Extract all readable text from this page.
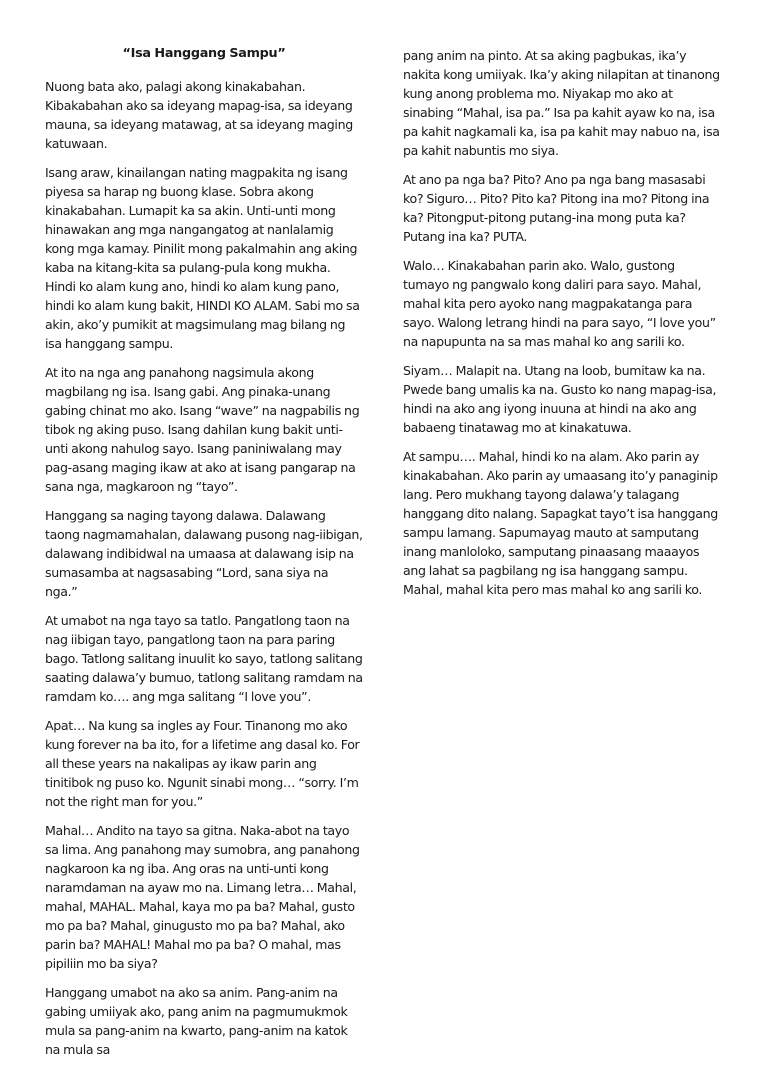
“Isa Hanggang Sampu”

Nuong bata ako, palagi akong kinakabahan. Kibakabahan ako sa ideyang mapag-isa, sa ideyang mauna, sa ideyang matawag, at sa ideyang maging katuwaan.

Isang araw, kinailangan nating magpakita ng isang piyesa sa harap ng buong klase. Sobra akong kinakabahan. Lumapit ka sa akin. Unti-unti mong hinawakan ang mga nangangatog at nanlalamig kong mga kamay. Pinilit mong pakalmahin ang aking kaba na kitang-kita sa pulang-pula kong mukha. Hindi ko alam kung ano, hindi ko alam kung pano, hindi ko alam kung bakit, HINDI KO ALAM. Sabi mo sa akin, ako’y pumikit at magsimulang mag bilang ng isa hanggang sampu.

At ito na nga ang panahong nagsimula akong magbilang ng isa. Isang gabi. Ang pinaka-unang gabing chinat mo ako. Isang “wave” na nagpabilis ng tibok ng aking puso. Isang dahilan kung bakit unti-unti akong nahulog sayo. Isang paniniwalang may pag-asang maging ikaw at ako at isang pangarap na sana nga, magkaroon ng “tayo”.

Hanggang sa naging tayong dalawa. Dalawang taong nagmamahalan, dalawang pusong nag-iibigan, dalawang indibidwal na umaasa at dalawang isip na sumasamba at nagsasabing “Lord, sana siya na nga.”

At umabot na nga tayo sa tatlo. Pangatlong taon na nag iibigan tayo, pangatlong taon na para paring bago. Tatlong salitang inuulit ko sayo, tatlong salitang saating dalawa’y bumuo, tatlong salitang ramdam na ramdam ko…. ang mga salitang “I love you”.

Apat… Na kung sa ingles ay Four. Tinanong mo ako kung forever na ba ito, for a lifetime ang dasal ko. For all these years na nakalipas ay ikaw parin ang tinitibok ng puso ko. Ngunit sinabi mong… “sorry. I’m not the right man for you.”

Mahal… Andito na tayo sa gitna. Naka-abot na tayo sa lima. Ang panahong may sumobra, ang panahong nagkaroon ka ng iba. Ang oras na unti-unti kong naramdaman na ayaw mo na. Limang letra… Mahal, mahal, MAHAL. Mahal, kaya mo pa ba? Mahal, gusto mo pa ba? Mahal, ginugusto mo pa ba? Mahal, ako parin ba? MAHAL! Mahal mo pa ba? O mahal, mas pipiliin mo ba siya?

Hanggang umabot na ako sa anim. Pang-anim na gabing umiiyak ako, pang anim na pagmumukmok mula sa pang-anim na kwarto, pang-anim na katok na mula sa

pang anim na pinto. At sa aking pagbukas, ika’y nakita kong umiiyak. Ika’y aking nilapitan at tinanong kung anong problema mo. Niyakap mo ako at sinabing “Mahal, isa pa.” Isa pa kahit ayaw ko na, isa pa kahit nagkamali ka, isa pa kahit may nabuo na, isa pa kahit nabuntis mo siya.

At ano pa nga ba? Pito? Ano pa nga bang masasabi ko? Siguro… Pito? Pito ka? Pitong ina mo? Pitong ina ka? Pitongput-pitong putang-ina mong puta ka? Putang ina ka? PUTA.

Walo… Kinakabahan parin ako. Walo, gustong tumayo ng pangwalo kong daliri para sayo. Mahal, mahal kita pero ayoko nang magpakatanga para sayo. Walong letrang hindi na para sayo, “I love you” na napupunta na sa mas mahal ko ang sarili ko.

Siyam… Malapit na. Utang na loob, bumitaw ka na. Pwede bang umalis ka na. Gusto ko nang mapag-isa, hindi na ako ang iyong inuuna at hindi na ako ang babaeng tinatawag mo at kinakatuwa.

At sampu…. Mahal, hindi ko na alam. Ako parin ay kinakabahan. Ako parin ay umaasang ito’y panaginip lang. Pero mukhang tayong dalawa’y talagang hanggang dito nalang. Sapagkat tayo’t isa hanggang sampu lamang. Sapumayag mauto at samputang inang manloloko, samputang pinaasang maaayos ang lahat sa pagbilang ng isa hanggang sampu. Mahal, mahal kita pero mas mahal ko ang sarili ko.
